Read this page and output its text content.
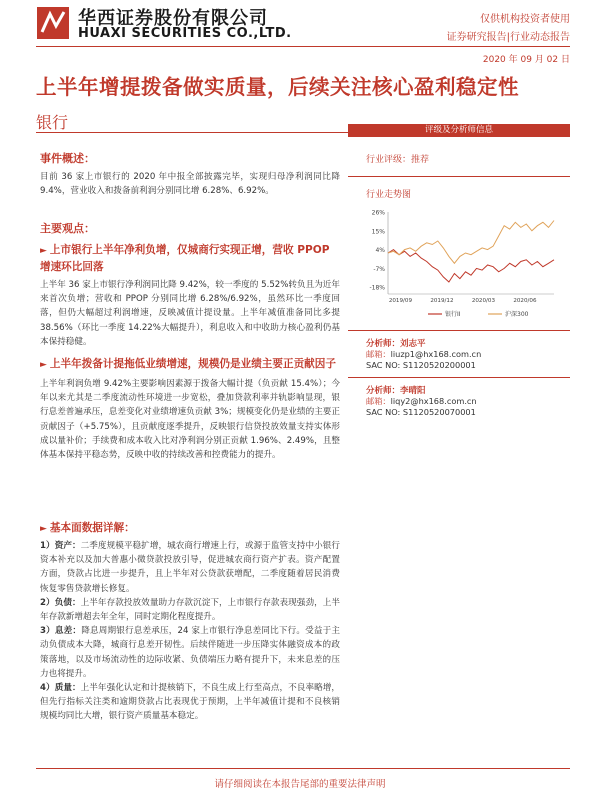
华西证券股份有限公司
HUAXI SECURITIES CO.,LTD.
仅供机构投资者使用
证券研究报告|行业动态报告
2020 年 09 月 02 日
上半年增提拨备做实质量，后续关注核心盈利稳定性
银行
事件概述：
目前 36 家上市银行的 2020 年中报全部披露完毕，实现归母净利润同比降 9.4%，营业收入和拨备前利润分别同比增 6.28%、6.92%。
主要观点：
► 上市银行上半年净利负增，仅城商行实现正增，营收 PPOP 增速环比回落
上半年 36 家上市银行净利润同比降 9.42%，较一季度的 5.52%转负且为近年来首次负增；营收和 PPOP 分别同比增 6.28%/6.92%，虽然环比一季度回落，但仍大幅超过利润增速，反映减值计提设量。上半年减值准备同比多提 38.56%（环比一季度 14.22%大幅提升），利息收入和中收助力核心盈利仍基本保持稳健。
► 上半年拨备计提拖低业绩增速，规模仍是业绩主要正贡献因子
上半年利润负增 9.42%主要影响因素源于拨备大幅计提（负贡献 15.4%）；今年以来尤其是二季度流动性环境进一步宽松，叠加贷款利率并轨影响显现，银行息差普遍承压，息差变化对业绩增速负贡献 3%；规模变化仍是业绩的主要正贡献因子（+5.75%），且贡献度逐季提升，反映银行信贷投放效量支持实体形成以量补价；手续费和成本收入比对净利润分别正贡献 1.96%、2.49%，且整体基本保持平稳态势，反映中收的持续改善和控费能力的提升。
► 基本面数据详解：
1）资产：二季度规模平稳扩增，城农商行增速上行，或源于监管支持中小银行资本补充以及加大普惠小微贷款投放引导，促进城农商行资产扩表。资产配置方面，贷款占比进一步提升，且上半年对公贷款获增配，二季度随着居民消费恢复零售贷款增长修复。
2）负债：上半年存款投放效量助力存款沉淀下，上市银行存款表现强劲，上半年存款新增超去年全年，同时定期化程度提升。
3）息差：降息周期银行息差承压，24 家上市银行净息差同比下行。受益于主动负债成本大降，城商行息差开韧性。后续伴随进一步压降实体融资成本的政策落地，以及市场流动性的边际收紧、负债端压力略有提升下，未来息差的压力也将提升。
4）质量：上半年强化认定和计提核销下，不良生成上行至高点，不良率略增，但先行指标关注类和逾期贷款占比表现优于预期，上半年减值计提和不良核销规模均同比大增，银行资产质量基本稳定。
评级及分析师信息
行业评级：推荐
行业走势图
26%
15%
4%
-7%
-18%
2019/09	2019/12	2020/03	2020/06
银行II	沪深300
分析师：刘志平
邮箱：liuzp1@hx168.com.cn
SAC NO: S1120520200001
分析师：李晴阳
邮箱：liqy2@hx168.com.cn
SAC NO: S1120520070001
请仔细阅读在本报告尾部的重要法律声明
